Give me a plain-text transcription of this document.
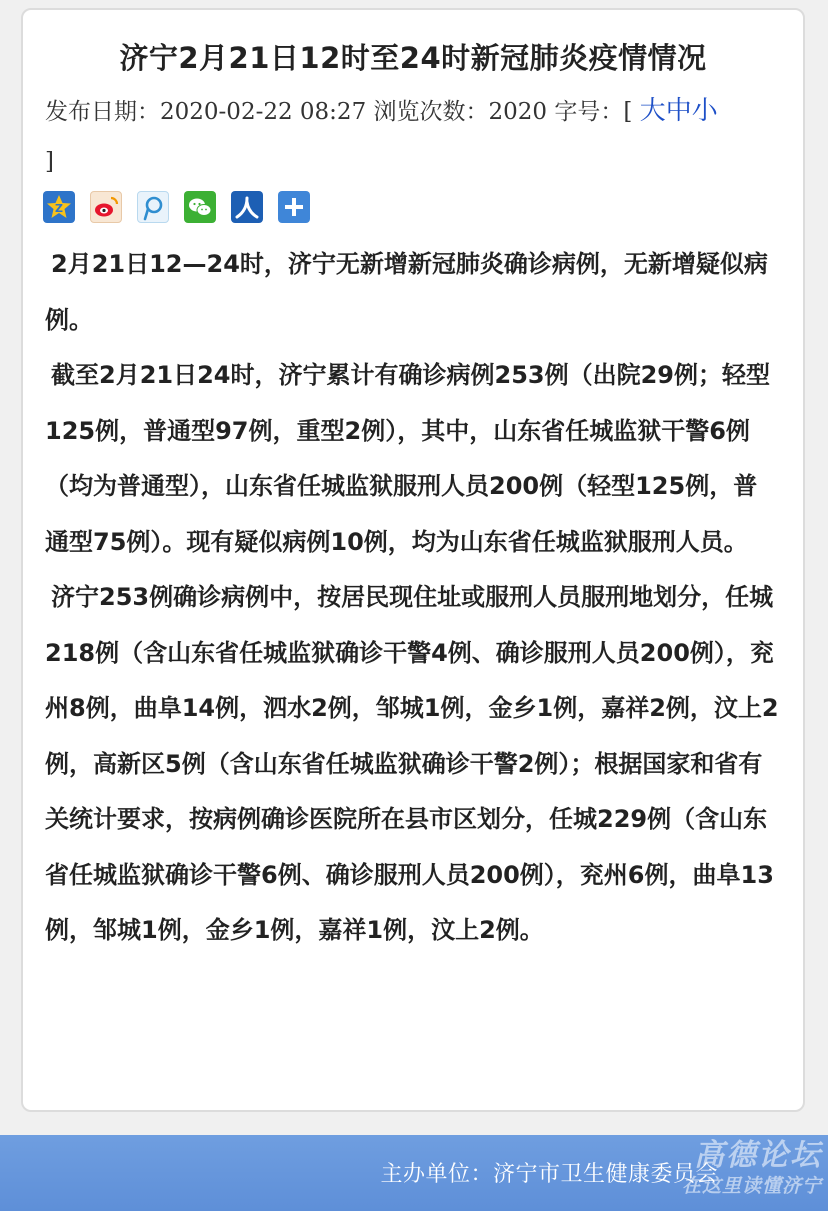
济宁2月21日12时至24时新冠肺炎疫情情况
发布日期：2020-02-22 08:27 浏览次数：2020 字号：[ 大中小
]
Z

2月21日12—24时，济宁无新增新冠肺炎确诊病例，无新增疑似病例。

截至2月21日24时，济宁累计有确诊病例253例（出院29例；轻型125例，普通型97例，重型2例），其中，山东省任城监狱干警6例（均为普通型），山东省任城监狱服刑人员200例（轻型125例，普通型75例）。现有疑似病例10例，均为山东省任城监狱服刑人员。

济宁253例确诊病例中，按居民现住址或服刑人员服刑地划分，任城218例（含山东省任城监狱确诊干警4例、确诊服刑人员200例），兖州8例，曲阜14例，泗水2例，邹城1例，金乡1例，嘉祥2例，汶上2例，高新区5例（含山东省任城监狱确诊干警2例）；根据国家和省有关统计要求，按病例确诊医院所在县市区划分，任城229例（含山东省任城监狱确诊干警6例、确诊服刑人员200例），兖州6例，曲阜13例，邹城1例，金乡1例，嘉祥1例，汶上2例。

主办单位：济宁市卫生健康委员会
高德论坛
在这里读懂济宁
